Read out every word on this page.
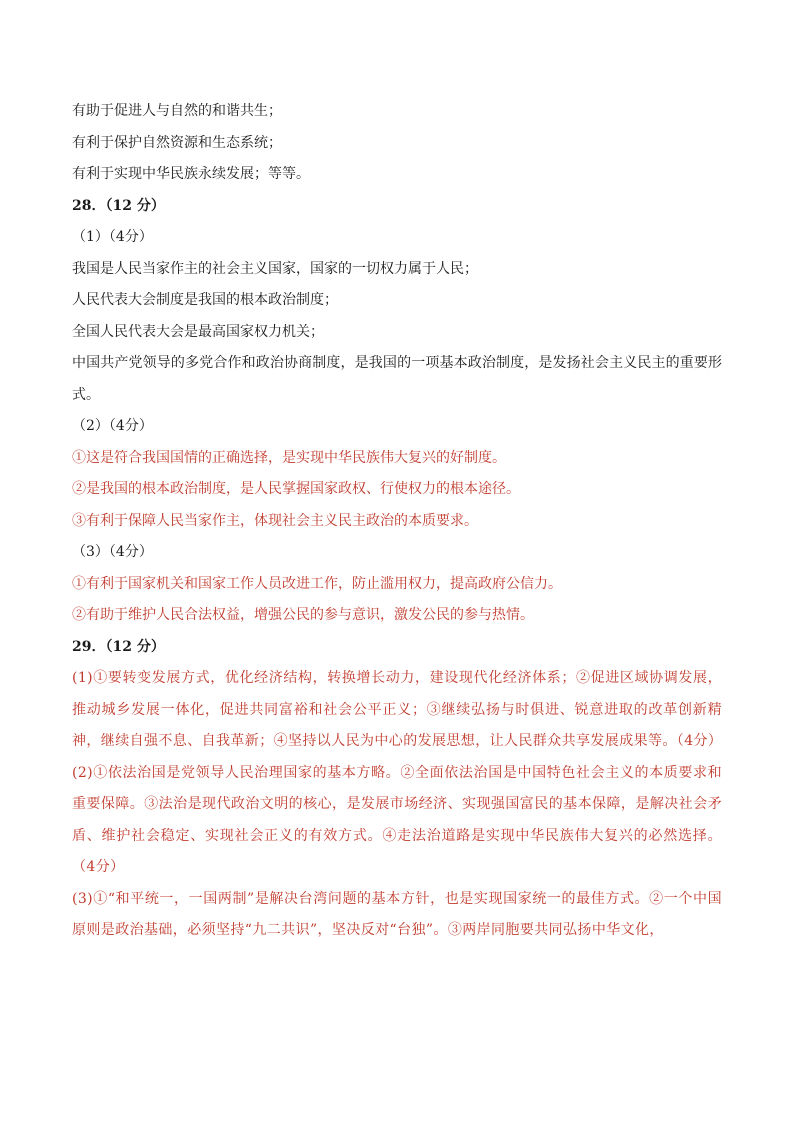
有助于促进人与自然的和谐共生；
有利于保护自然资源和生态系统；
有利于实现中华民族永续发展；等等。
28．（12 分）
（1）（4分）
我国是人民当家作主的社会主义国家，国家的一切权力属于人民；
人民代表大会制度是我国的根本政治制度；
全国人民代表大会是最高国家权力机关；
中国共产党领导的多党合作和政治协商制度，是我国的一项基本政治制度，是发扬社会主义民主的重要形式。
（2）（4分）
①这是符合我国国情的正确选择，是实现中华民族伟大复兴的好制度。
②是我国的根本政治制度，是人民掌握国家政权、行使权力的根本途径。
③有利于保障人民当家作主，体现社会主义民主政治的本质要求。
（3）（4分）
①有利于国家机关和国家工作人员改进工作，防止滥用权力，提高政府公信力。
②有助于维护人民合法权益，增强公民的参与意识，激发公民的参与热情。
29．（12 分）
(1)①要转变发展方式，优化经济结构，转换增长动力，建设现代化经济体系；②促进区域协调发展，推动城乡发展一体化，促进共同富裕和社会公平正义；③继续弘扬与时俱进、锐意进取的改革创新精神，继续自强不息、自我革新；④坚持以人民为中心的发展思想，让人民群众共享发展成果等。（4分）
(2)①依法治国是党领导人民治理国家的基本方略。②全面依法治国是中国特色社会主义的本质要求和重要保障。③法治是现代政治文明的核心，是发展市场经济、实现强国富民的基本保障，是解决社会矛盾、维护社会稳定、实现社会正义的有效方式。④走法治道路是实现中华民族伟大复兴的必然选择。（4分）
(3)①“和平统一，一国两制”是解决台湾问题的基本方针，也是实现国家统一的最佳方式。②一个中国原则是政治基础，必须坚持“九二共识”，坚决反对“台独”。③两岸同胞要共同弘扬中华文化，
